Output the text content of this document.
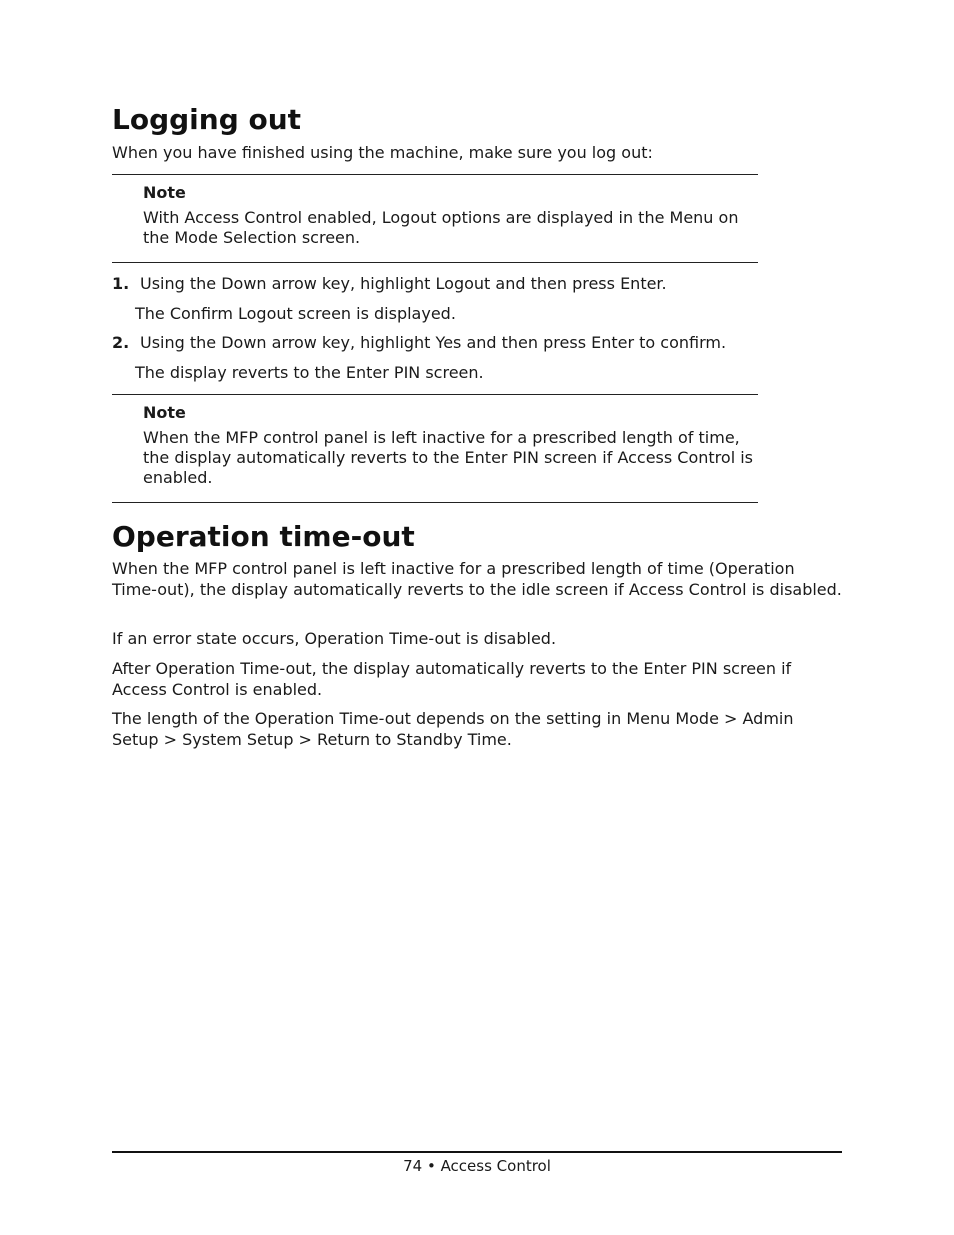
Logging out

When you have finished using the machine, make sure you log out:

Note
With Access Control enabled, Logout options are displayed in the Menu on the Mode Selection screen.
1. Using the Down arrow key, highlight Logout and then press Enter.
The Confirm Logout screen is displayed.
2. Using the Down arrow key, highlight Yes and then press Enter to confirm.
The display reverts to the Enter PIN screen.
Note
When the MFP control panel is left inactive for a prescribed length of time, the display automatically reverts to the Enter PIN screen if Access Control is enabled.
Operation time-out

When the MFP control panel is left inactive for a prescribed length of time (Operation Time-out), the display automatically reverts to the idle screen if Access Control is disabled.

If an error state occurs, Operation Time-out is disabled.

After Operation Time-out, the display automatically reverts to the Enter PIN screen if Access Control is enabled.

The length of the Operation Time-out depends on the setting in Menu Mode > Admin Setup > System Setup > Return to Standby Time.

74 • Access Control
